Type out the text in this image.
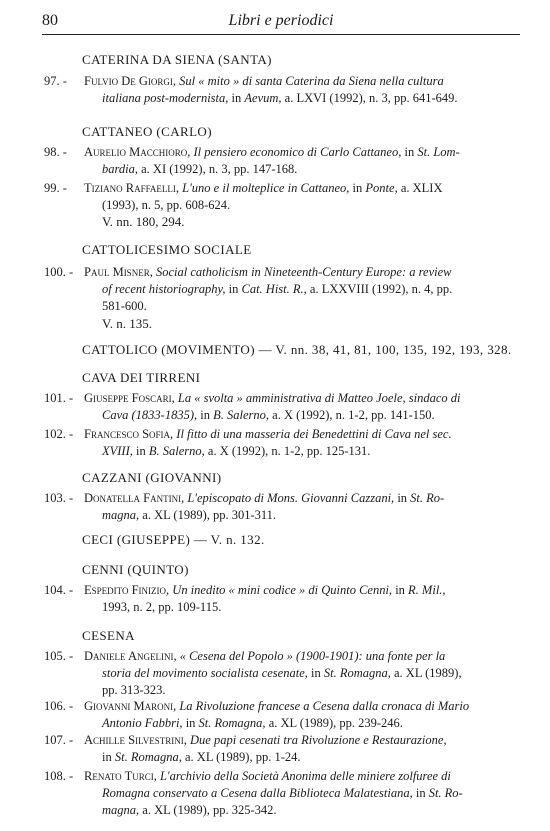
80	Libri e periodici
CATERINA DA SIENA (SANTA)
97. -	Fulvio De Giorgi, Sul « mito » di santa Caterina da Siena nella cultura
italiana post-modernista, in Aevum, a. LXVI (1992), n. 3, pp. 641-649.
CATTANEO (CARLO)
98. -	Aurelio Macchioro, Il pensiero economico di Carlo Cattaneo, in St. Lom-
bardia, a. XI (1992), n. 3, pp. 147-168.
99. -	Tiziano Raffaelli, L'uno e il molteplice in Cattaneo, in Ponte, a. XLIX
(1993), n. 5, pp. 608-624.
V. nn. 180, 294.
CATTOLICESIMO SOCIALE
100. - Paul Misner, Social catholicism in Nineteenth-Century Europe: a review
of recent historiography, in Cat. Hist. R., a. LXXVIII (1992), n. 4, pp.
581-600.
V. n. 135.
CATTOLICO (MOVIMENTO) — V. nn. 38, 41, 81, 100, 135, 192, 193, 328.
CAVA DEI TIRRENI
101. - Giuseppe Foscari, La « svolta » amministrativa di Matteo Joele, sindaco di
Cava (1833-1835), in B. Salerno, a. X (1992), n. 1-2, pp. 141-150.
102. - Francesco Sofia, Il fitto di una masseria dei Benedettini di Cava nel sec.
XVIII, in B. Salerno, a. X (1992), n. 1-2, pp. 125-131.
CAZZANI (GIOVANNI)
103. - Donatella Fantini, L'episcopato di Mons. Giovanni Cazzani, in St. Ro-
magna, a. XL (1989), pp. 301-311.
CECI (GIUSEPPE) — V. n. 132.
CENNI (QUINTO)
104. - Espedito Finizio, Un inedito « mini codice » di Quinto Cenni, in R. Mil.,
1993, n. 2, pp. 109-115.
CESENA
105. - Daniele Angelini, « Cesena del Popolo » (1900-1901): una fonte per la
storia del movimento socialista cesenate, in St. Romagna, a. XL (1989),
pp. 313-323.
106. - Giovanni Maroni, La Rivoluzione francese a Cesena dalla cronaca di Mario
Antonio Fabbri, in St. Romagna, a. XL (1989), pp. 239-246.
107. - Achille Silvestrini, Due papi cesenati tra Rivoluzione e Restaurazione,
in St. Romagna, a. XL (1989), pp. 1-24.
108. - Renato Turci, L'archivio della Società Anonima delle miniere zolfuree di
Romagna conservato a Cesena dalla Biblioteca Malatestiana, in St. Ro-
magna, a. XL (1989), pp. 325-342.
